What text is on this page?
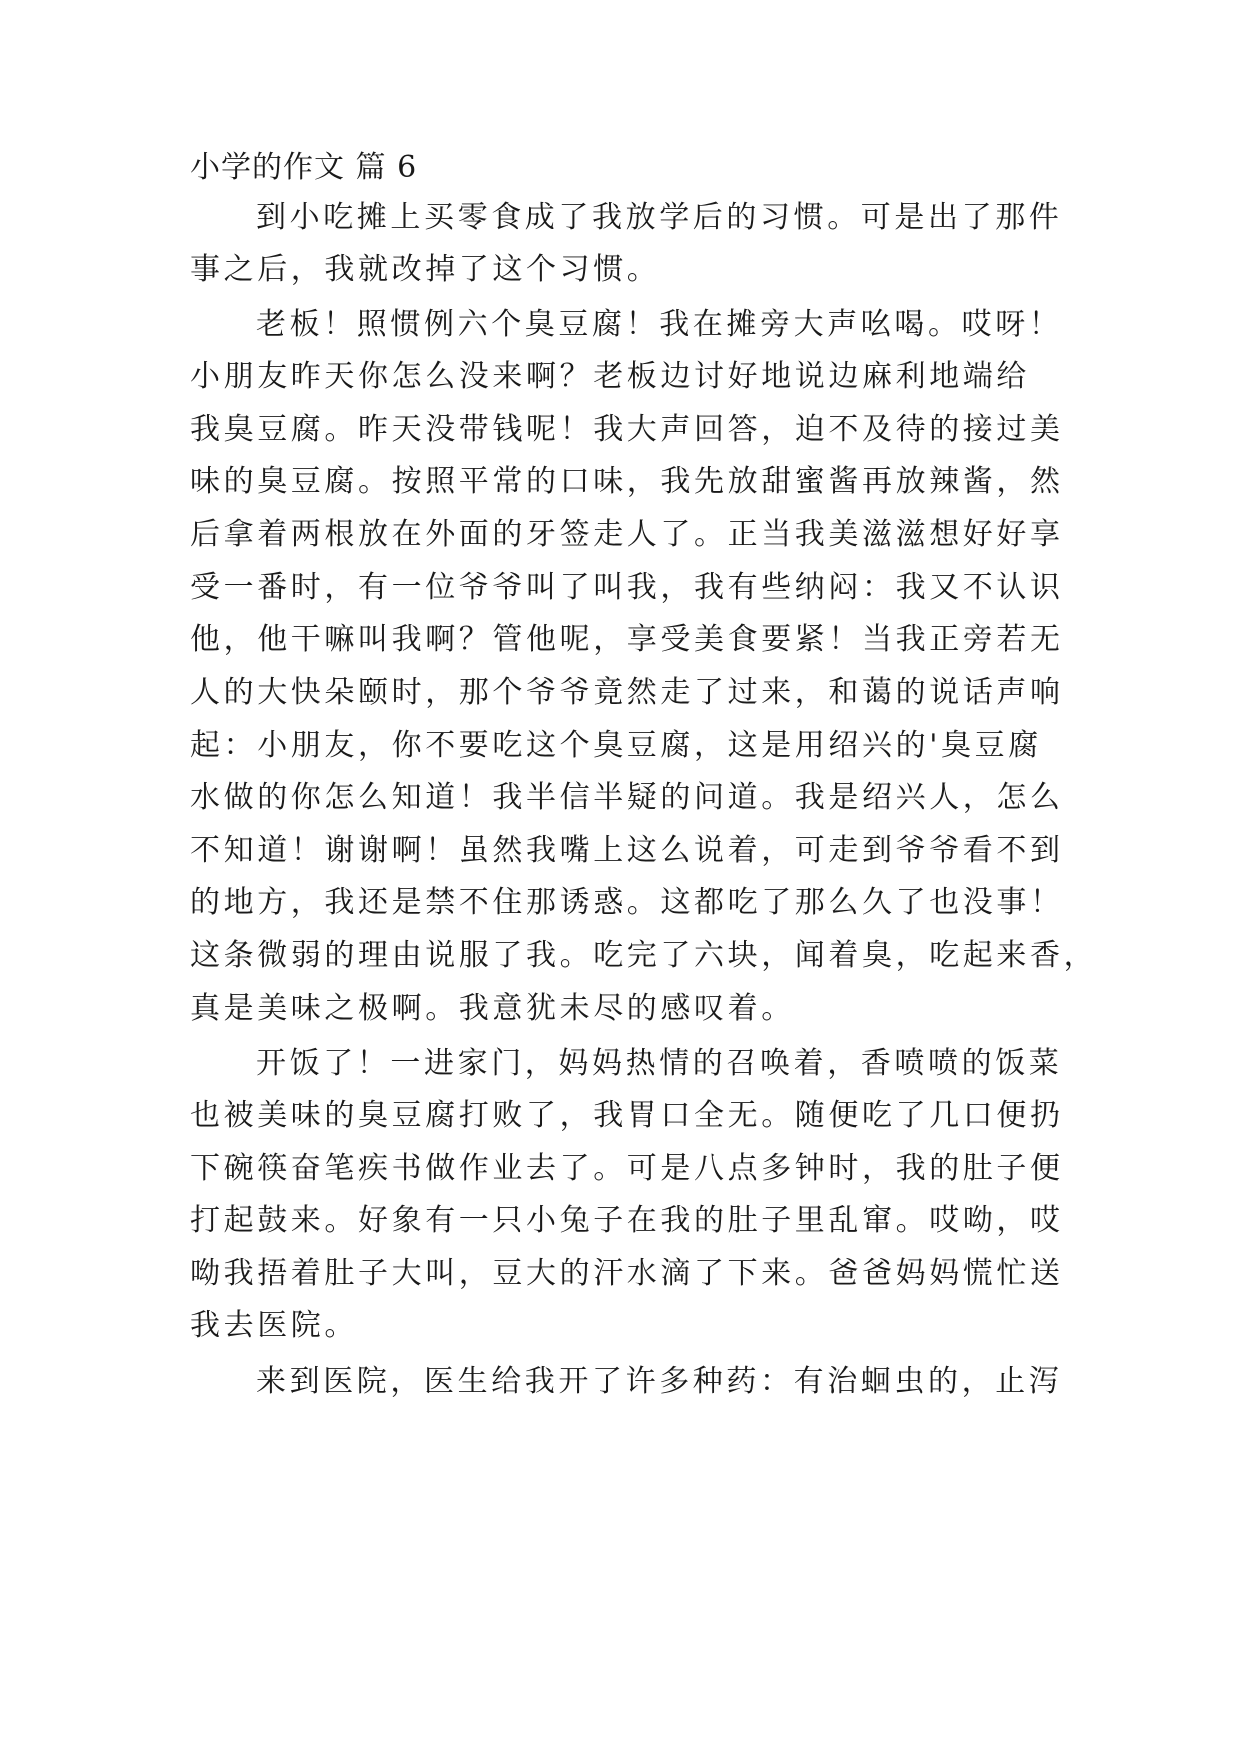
小学的作文 篇 6
到小吃摊上买零食成了我放学后的习惯。可是出了那件
事之后，我就改掉了这个习惯。
老板！照惯例六个臭豆腐！我在摊旁大声吆喝。哎呀！
小朋友昨天你怎么没来啊？老板边讨好地说边麻利地端给
我臭豆腐。昨天没带钱呢！我大声回答，迫不及待的接过美
味的臭豆腐。按照平常的口味，我先放甜蜜酱再放辣酱，然
后拿着两根放在外面的牙签走人了。正当我美滋滋想好好享
受一番时，有一位爷爷叫了叫我，我有些纳闷：我又不认识
他，他干嘛叫我啊？管他呢，享受美食要紧！当我正旁若无
人的大快朵颐时，那个爷爷竟然走了过来，和蔼的说话声响
起：小朋友，你不要吃这个臭豆腐，这是用绍兴的'臭豆腐
水做的你怎么知道！我半信半疑的问道。我是绍兴人，怎么
不知道！谢谢啊！虽然我嘴上这么说着，可走到爷爷看不到
的地方，我还是禁不住那诱惑。这都吃了那么久了也没事！
这条微弱的理由说服了我。吃完了六块，闻着臭，吃起来香，
真是美味之极啊。我意犹未尽的感叹着。
开饭了！一进家门，妈妈热情的召唤着，香喷喷的饭菜
也被美味的臭豆腐打败了，我胃口全无。随便吃了几口便扔
下碗筷奋笔疾书做作业去了。可是八点多钟时，我的肚子便
打起鼓来。好象有一只小兔子在我的肚子里乱窜。哎呦，哎
呦我捂着肚子大叫，豆大的汗水滴了下来。爸爸妈妈慌忙送
我去医院。
来到医院，医生给我开了许多种药：有治蛔虫的，止泻
